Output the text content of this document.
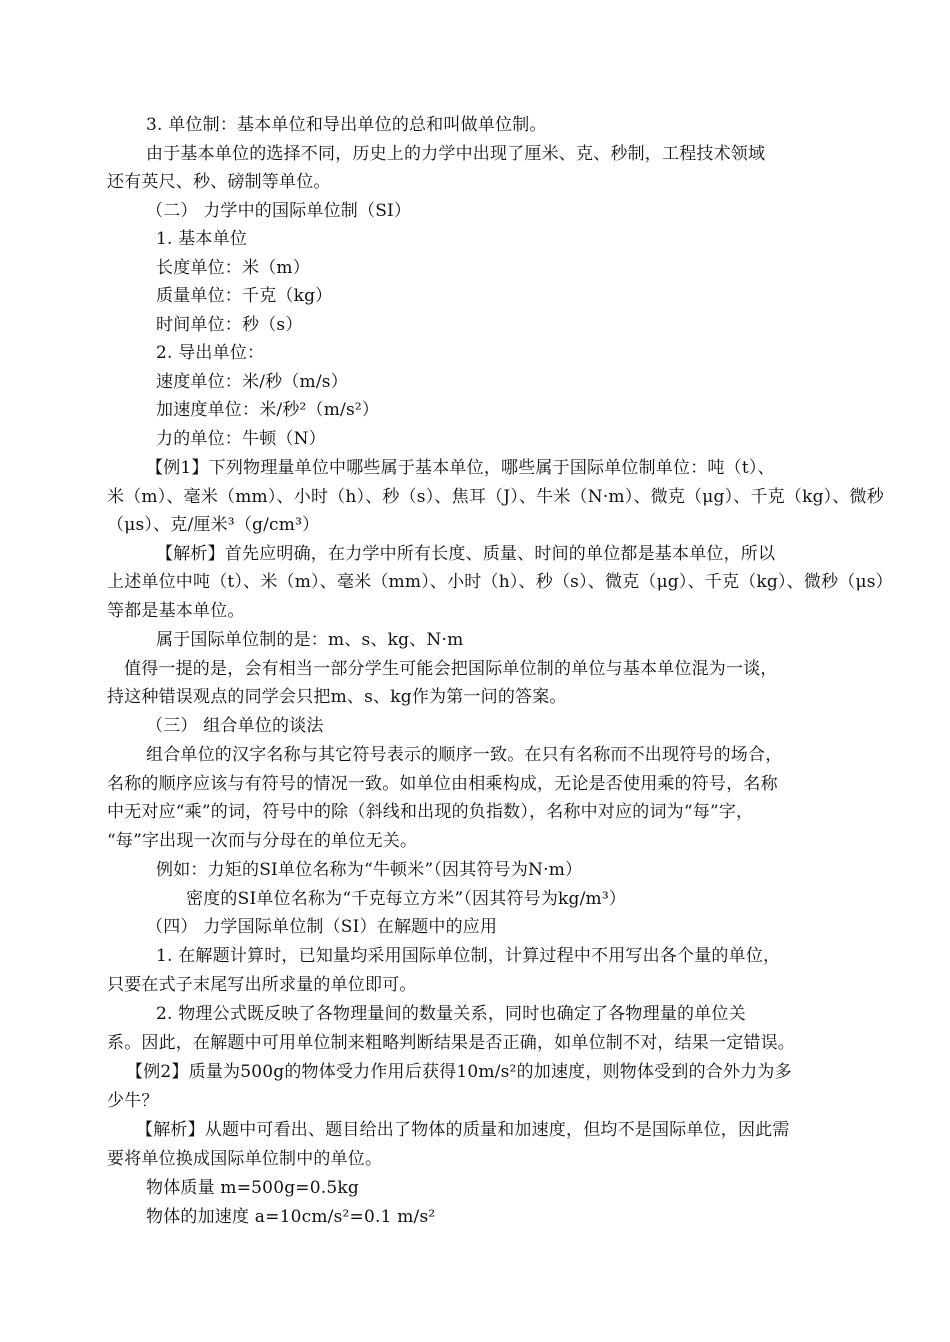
3. 单位制：基本单位和导出单位的总和叫做单位制。
由于基本单位的选择不同，历史上的力学中出现了厘米、克、秒制，工程技术领域
还有英尺、秒、磅制等单位。
（二） 力学中的国际单位制（SI）
1. 基本单位
长度单位：米（m）
质量单位：千克（kg）
时间单位：秒（s）
2. 导出单位：
速度单位：米/秒（m/s）
加速度单位：米/秒²（m/s²）
力的单位：牛顿（N）
【例1】下列物理量单位中哪些属于基本单位，哪些属于国际单位制单位：吨（t）、
米（m）、毫米（mm）、小时（h）、秒（s）、焦耳（J）、牛米（N·m）、微克（μg）、千克（kg）、微秒
（μs）、克/厘米³（g/cm³）
【解析】首先应明确，在力学中所有长度、质量、时间的单位都是基本单位，所以
上述单位中吨（t）、米（m）、毫米（mm）、小时（h）、秒（s）、微克（μg）、千克（kg）、微秒（μs）
等都是基本单位。
属于国际单位制的是：m、s、kg、N·m
值得一提的是，会有相当一部分学生可能会把国际单位制的单位与基本单位混为一谈，
持这种错误观点的同学会只把m、s、kg作为第一问的答案。
（三） 组合单位的谈法
组合单位的汉字名称与其它符号表示的顺序一致。在只有名称而不出现符号的场合，
名称的顺序应该与有符号的情况一致。如单位由相乘构成，无论是否使用乘的符号，名称
中无对应“乘”的词，符号中的除（斜线和出现的负指数），名称中对应的词为“每”字，
“每”字出现一次而与分母在的单位无关。
例如：力矩的SI单位名称为“牛顿米”（因其符号为N·m）
密度的SI单位名称为“千克每立方米”（因其符号为kg/m³）
（四） 力学国际单位制（SI）在解题中的应用
1. 在解题计算时，已知量均采用国际单位制，计算过程中不用写出各个量的单位，
只要在式子末尾写出所求量的单位即可。
2. 物理公式既反映了各物理量间的数量关系，同时也确定了各物理量的单位关
系。因此，在解题中可用单位制来粗略判断结果是否正确，如单位制不对，结果一定错误。
【例2】质量为500g的物体受力作用后获得10m/s²的加速度，则物体受到的合外力为多
少牛？
【解析】从题中可看出、题目给出了物体的质量和加速度，但均不是国际单位，因此需
要将单位换成国际单位制中的单位。
物体质量 m=500g=0.5kg
物体的加速度 a=10cm/s²=0.1 m/s²
